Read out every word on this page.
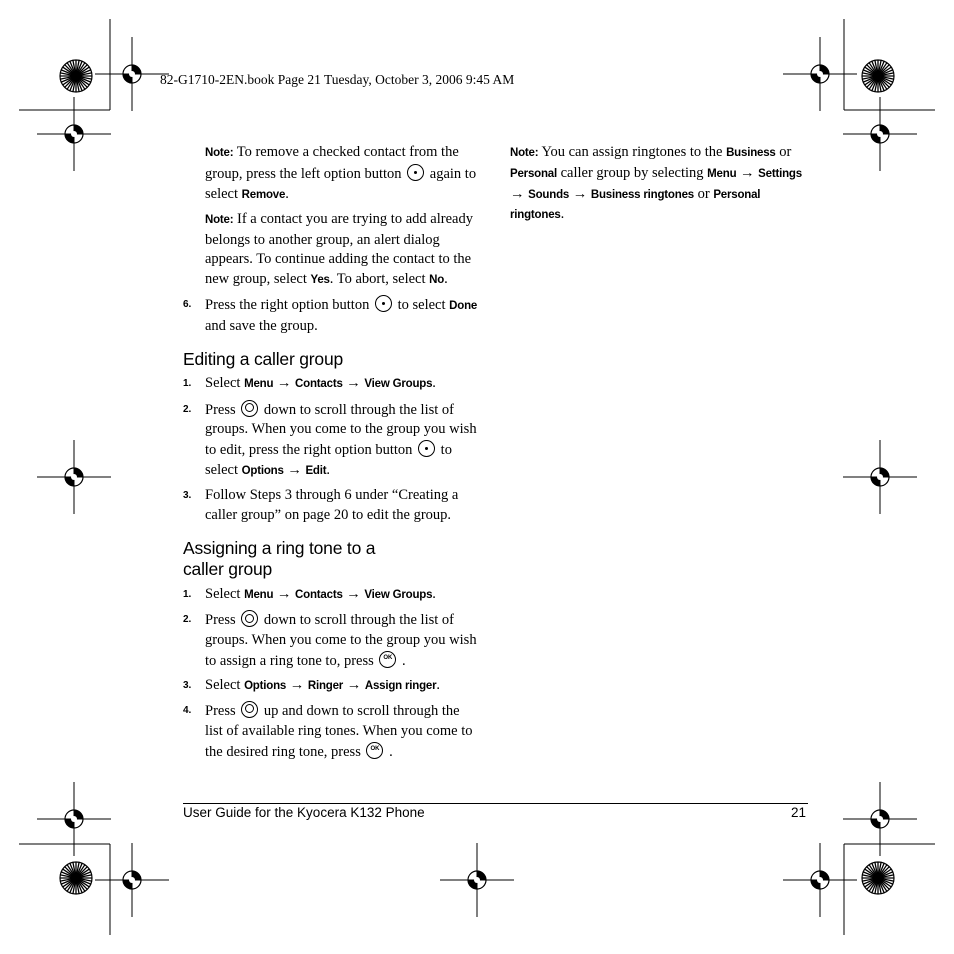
82-G1710-2EN.book Page 21 Tuesday, October 3, 2006 9:45 AM

Note: To remove a checked contact from the group, press the left option button  again to select Remove.

Note: If a contact you are trying to add already belongs to another group, an alert dialog appears. To continue adding the contact to the new group, select Yes. To abort, select No.

6. Press the right option button  to select Done and save the group.
Editing a caller group
1. Select Menu → Contacts → View Groups.
2. Press  down to scroll through the list of groups. When you come to the group you wish to edit, press the right option button  to select Options → Edit.
3. Follow Steps 3 through 6 under “Creating a caller group” on page 20 to edit the group.
Assigning a ring tone to a
caller group
1. Select Menu → Contacts → View Groups.
2. Press  down to scroll through the list of groups. When you come to the group you wish to assign a ring tone to, press OK .
3. Select Options → Ringer → Assign ringer.
4. Press  up and down to scroll through the list of available ring tones. When you come to the desired ring tone, press OK .

Note: You can assign ringtones to the Business or Personal caller group by selecting Menu → Settings → Sounds → Business ringtones or Personal ringtones.

User Guide for the Kyocera K132 Phone	21
